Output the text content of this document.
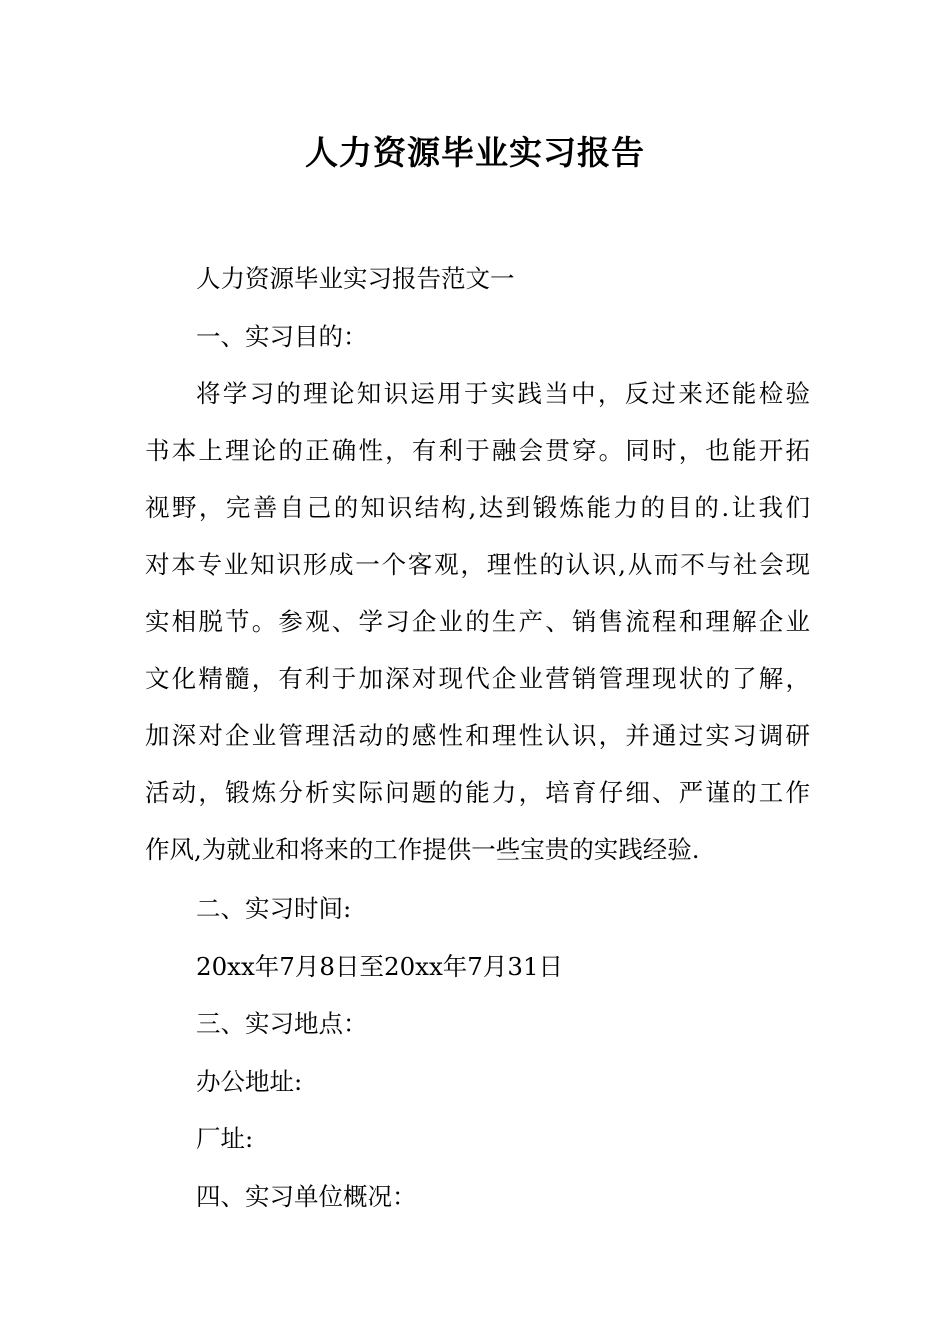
人力资源毕业实习报告
人力资源毕业实习报告范文一
一、实习目的：
将学习的理论知识运用于实践当中，反过来还能检验
书本上理论的正确性，有利于融会贯穿。同时，也能开拓
视野，完善自己的知识结构,达到锻炼能力的目的.让我们
对本专业知识形成一个客观，理性的认识,从而不与社会现
实相脱节。参观、学习企业的生产、销售流程和理解企业
文化精髓，有利于加深对现代企业营销管理现状的了解，
加深对企业管理活动的感性和理性认识，并通过实习调研
活动，锻炼分析实际问题的能力，培育仔细、严谨的工作
作风,为就业和将来的工作提供一些宝贵的实践经验.
二、实习时间:
20xx年7月8日至20xx年7月31日
三、实习地点：
办公地址:
厂址:
四、实习单位概况：
